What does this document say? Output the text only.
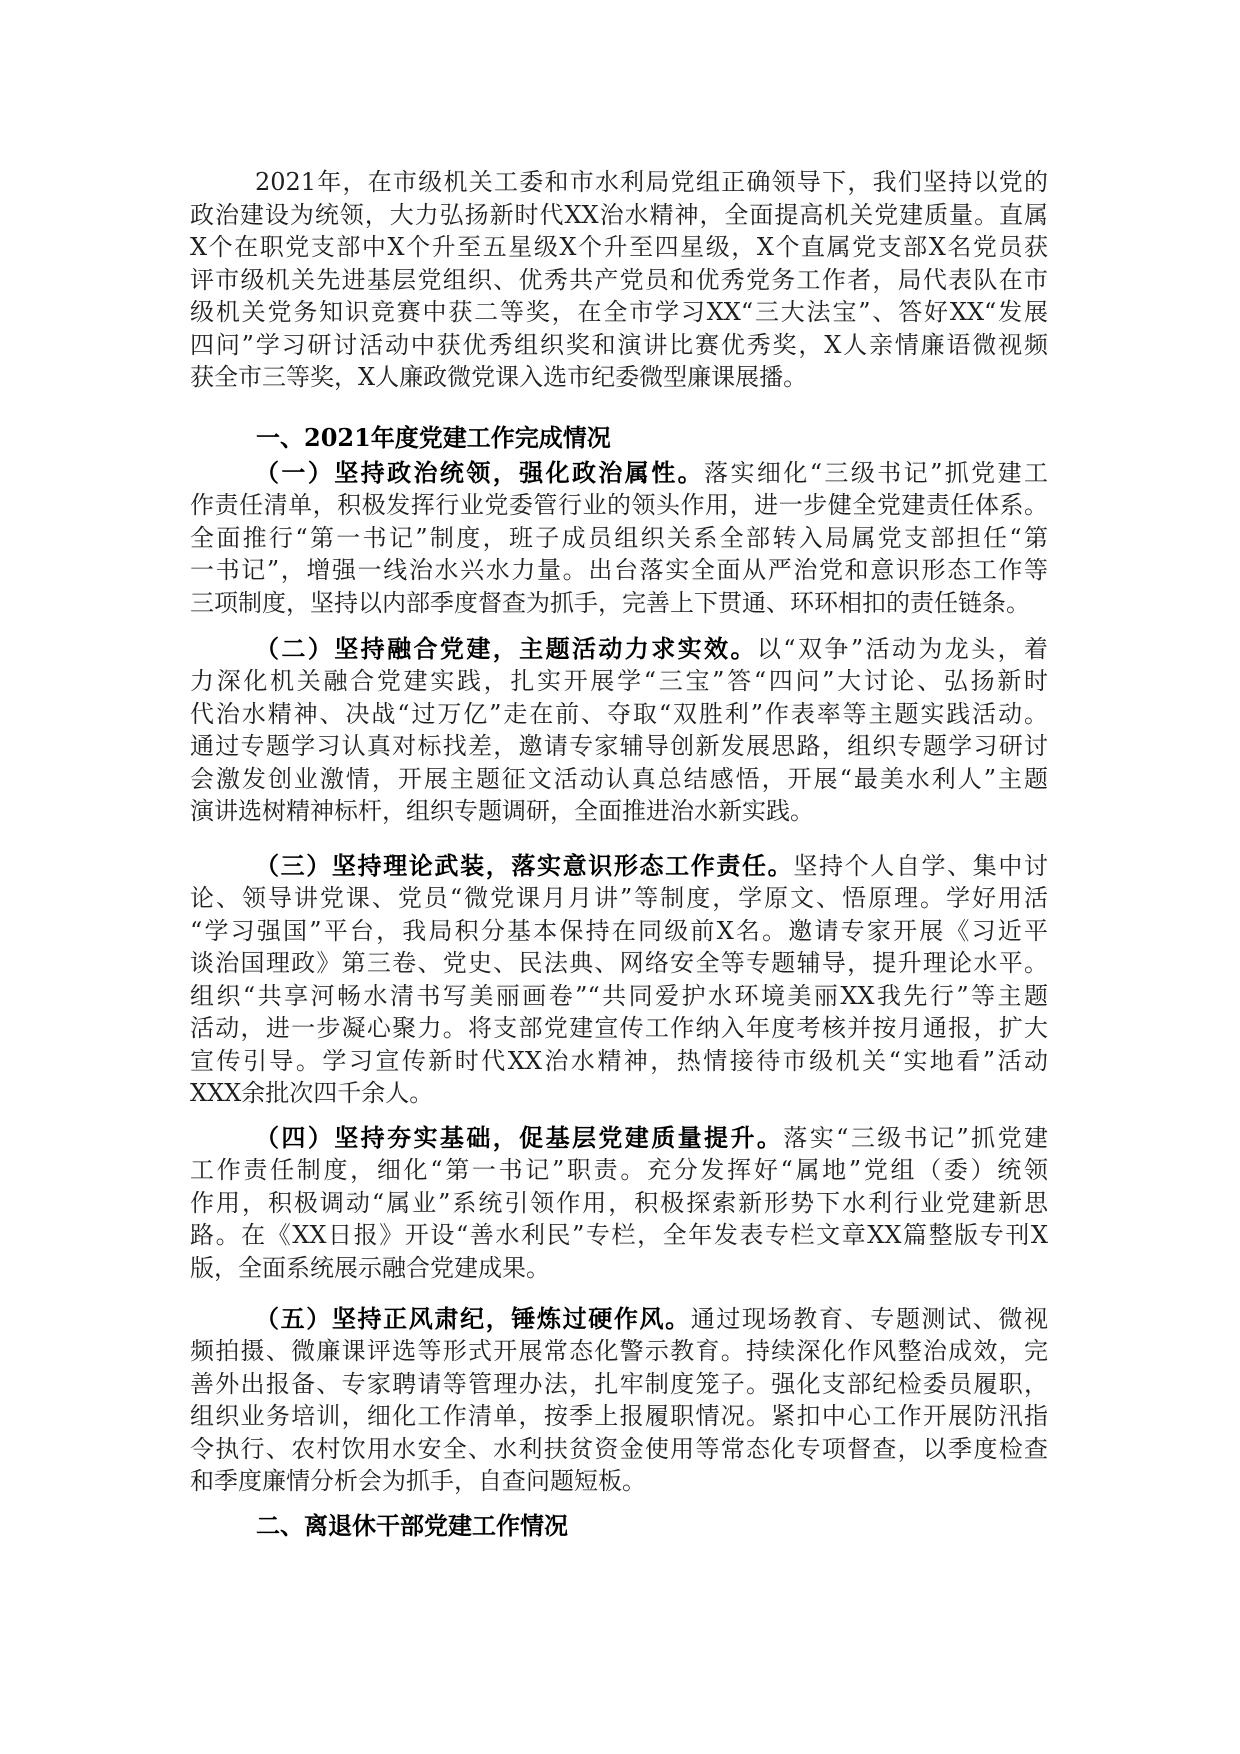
2021年，在市级机关工委和市水利局党组正确领导下，我们坚持以党的
政治建设为统领，大力弘扬新时代XX治水精神，全面提高机关党建质量。直属
X个在职党支部中X个升至五星级X个升至四星级，X个直属党支部X名党员获
评市级机关先进基层党组织、优秀共产党员和优秀党务工作者，局代表队在市
级机关党务知识竞赛中获二等奖，在全市学习XX“三大法宝”、答好XX“发展
四问”学习研讨活动中获优秀组织奖和演讲比赛优秀奖，X人亲情廉语微视频
获全市三等奖，X人廉政微党课入选市纪委微型廉课展播。
一、2021年度党建工作完成情况
（一）坚持政治统领，强化政治属性。落实细化“三级书记”抓党建工
作责任清单，积极发挥行业党委管行业的领头作用，进一步健全党建责任体系。
全面推行“第一书记”制度，班子成员组织关系全部转入局属党支部担任“第
一书记”，增强一线治水兴水力量。出台落实全面从严治党和意识形态工作等
三项制度，坚持以内部季度督查为抓手，完善上下贯通、环环相扣的责任链条。
（二）坚持融合党建，主题活动力求实效。以“双争”活动为龙头，着
力深化机关融合党建实践，扎实开展学“三宝”答“四问”大讨论、弘扬新时
代治水精神、决战“过万亿”走在前、夺取“双胜利”作表率等主题实践活动。
通过专题学习认真对标找差，邀请专家辅导创新发展思路，组织专题学习研讨
会激发创业激情，开展主题征文活动认真总结感悟，开展“最美水利人”主题
演讲选树精神标杆，组织专题调研，全面推进治水新实践。
（三）坚持理论武装，落实意识形态工作责任。坚持个人自学、集中讨
论、领导讲党课、党员“微党课月月讲”等制度，学原文、悟原理。学好用活
“学习强国”平台，我局积分基本保持在同级前X名。邀请专家开展《习近平
谈治国理政》第三卷、党史、民法典、网络安全等专题辅导，提升理论水平。
组织“共享河畅水清书写美丽画卷”“共同爱护水环境美丽XX我先行”等主题
活动，进一步凝心聚力。将支部党建宣传工作纳入年度考核并按月通报，扩大
宣传引导。学习宣传新时代XX治水精神，热情接待市级机关“实地看”活动
XXX余批次四千余人。
（四）坚持夯实基础，促基层党建质量提升。落实“三级书记”抓党建
工作责任制度，细化“第一书记”职责。充分发挥好“属地”党组（委）统领
作用，积极调动“属业”系统引领作用，积极探索新形势下水利行业党建新思
路。在《XX日报》开设“善水利民”专栏，全年发表专栏文章XX篇整版专刊X
版，全面系统展示融合党建成果。
（五）坚持正风肃纪，锤炼过硬作风。通过现场教育、专题测试、微视
频拍摄、微廉课评选等形式开展常态化警示教育。持续深化作风整治成效，完
善外出报备、专家聘请等管理办法，扎牢制度笼子。强化支部纪检委员履职，
组织业务培训，细化工作清单，按季上报履职情况。紧扣中心工作开展防汛指
令执行、农村饮用水安全、水利扶贫资金使用等常态化专项督查，以季度检查
和季度廉情分析会为抓手，自查问题短板。
二、离退休干部党建工作情况
